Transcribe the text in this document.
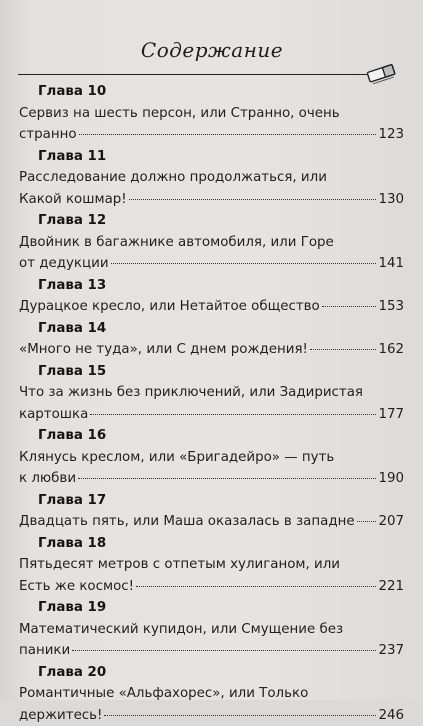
Содержание
Глава 10
Сервиз на шесть персон, или Странно, очень
странно	123
Глава 11
Расследование должно продолжаться, или
Какой кошмар!	130
Глава 12
Двойник в багажнике автомобиля, или Горе
от дедукции	141
Глава 13
Дурацкое кресло, или Нетайтое общество	153
Глава 14
«Много не туда», или С днем рождения!	162
Глава 15
Что за жизнь без приключений, или Задиристая
картошка	177
Глава 16
Клянусь креслом, или «Бригадейро» — путь
к любви	190
Глава 17
Двадцать пять, или Маша оказалась в западне 207
Глава 18
Пятьдесят метров с отпетым хулиганом, или
Есть же космос!	221
Глава 19
Математический купидон, или Смущение без
паники	237
Глава 20
Романтичные «Альфахорес», или Только
держитесь!	246
